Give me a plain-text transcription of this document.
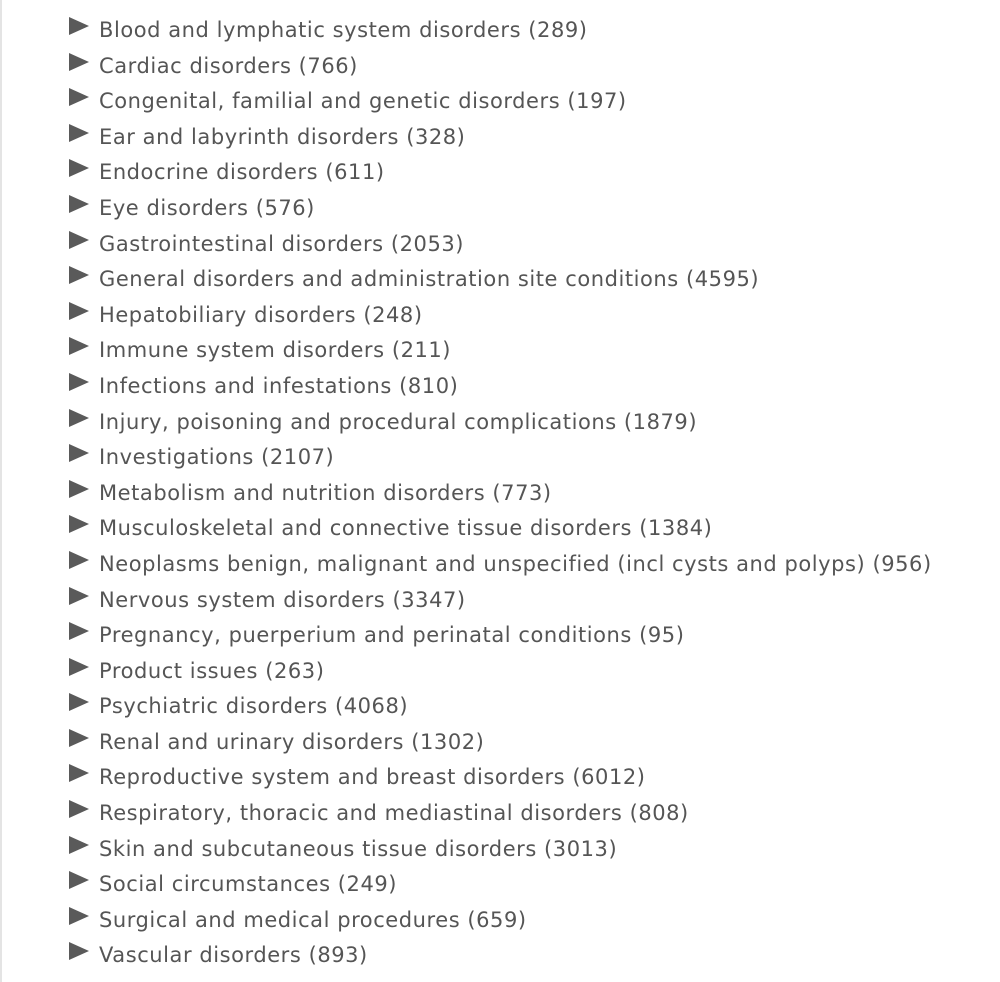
Blood and lymphatic system disorders (289)
Cardiac disorders (766)
Congenital, familial and genetic disorders (197)
Ear and labyrinth disorders (328)
Endocrine disorders (611)
Eye disorders (576)
Gastrointestinal disorders (2053)
General disorders and administration site conditions (4595)
Hepatobiliary disorders (248)
Immune system disorders (211)
Infections and infestations (810)
Injury, poisoning and procedural complications (1879)
Investigations (2107)
Metabolism and nutrition disorders (773)
Musculoskeletal and connective tissue disorders (1384)
Neoplasms benign, malignant and unspecified (incl cysts and polyps) (956)
Nervous system disorders (3347)
Pregnancy, puerperium and perinatal conditions (95)
Product issues (263)
Psychiatric disorders (4068)
Renal and urinary disorders (1302)
Reproductive system and breast disorders (6012)
Respiratory, thoracic and mediastinal disorders (808)
Skin and subcutaneous tissue disorders (3013)
Social circumstances (249)
Surgical and medical procedures (659)
Vascular disorders (893)
